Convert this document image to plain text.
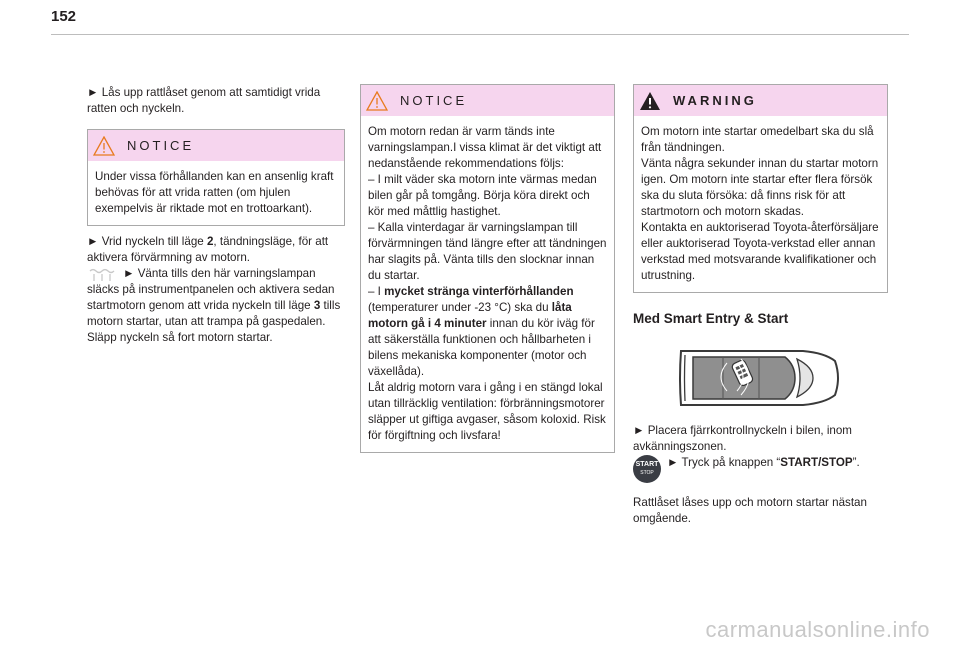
152

► Lås upp rattlåset genom att samtidigt vrida ratten och nyckeln.

NOTICE
Under vissa förhållanden kan en ansenlig kraft behövas för att vrida ratten (om hjulen exempelvis är riktade mot en trottoarkant).

► Vrid nyckeln till läge 2, tändningsläge, för att aktivera förvärmning av motorn.

► Vänta tills den här varningslampan släcks på instrumentpanelen och aktivera sedan startmotorn genom att vrida nyckeln till läge 3 tills motorn startar, utan att trampa på gaspedalen. Släpp nyckeln så fort motorn startar.

NOTICE

Om motorn redan är varm tänds inte varningslampan.I vissa klimat är det viktigt att nedanstående rekommendations följs:

– I milt väder ska motorn inte värmas medan bilen går på tomgång. Börja köra direkt och kör med måttlig hastighet.

– Kalla vinterdagar är varningslampan till förvärmningen tänd längre efter att tändningen har slagits på. Vänta tills den slocknar innan du startar.

– I mycket stränga vinterförhållanden (temperaturer under -23 °C) ska du låta motorn gå i 4 minuter innan du kör iväg för att säkerställa funktionen och hållbarheten i bilens mekaniska komponenter (motor och växellåda).

Låt aldrig motorn vara i gång i en stängd lokal utan tillräcklig ventilation: förbränningsmotorer släpper ut giftiga avgaser, såsom koloxid. Risk för förgiftning och livsfara!

WARNING

Om motorn inte startar omedelbart ska du slå från tändningen.

Vänta några sekunder innan du startar motorn igen. Om motorn inte startar efter flera försök ska du sluta försöka: då finns risk för att startmotorn och motorn skadas.

Kontakta en auktoriserad Toyota-återförsäljare eller auktoriserad Toyota-verkstad eller annan verkstad med motsvarande kvalifikationer och utrustning.

Med Smart Entry & Start

► Placera fjärrkontrollnyckeln i bilen, inom avkänningszonen.

START
STOP
► Tryck på knappen “START/STOP”.

Rattlåset låses upp och motorn startar nästan omgående.

carmanualsonline.info
